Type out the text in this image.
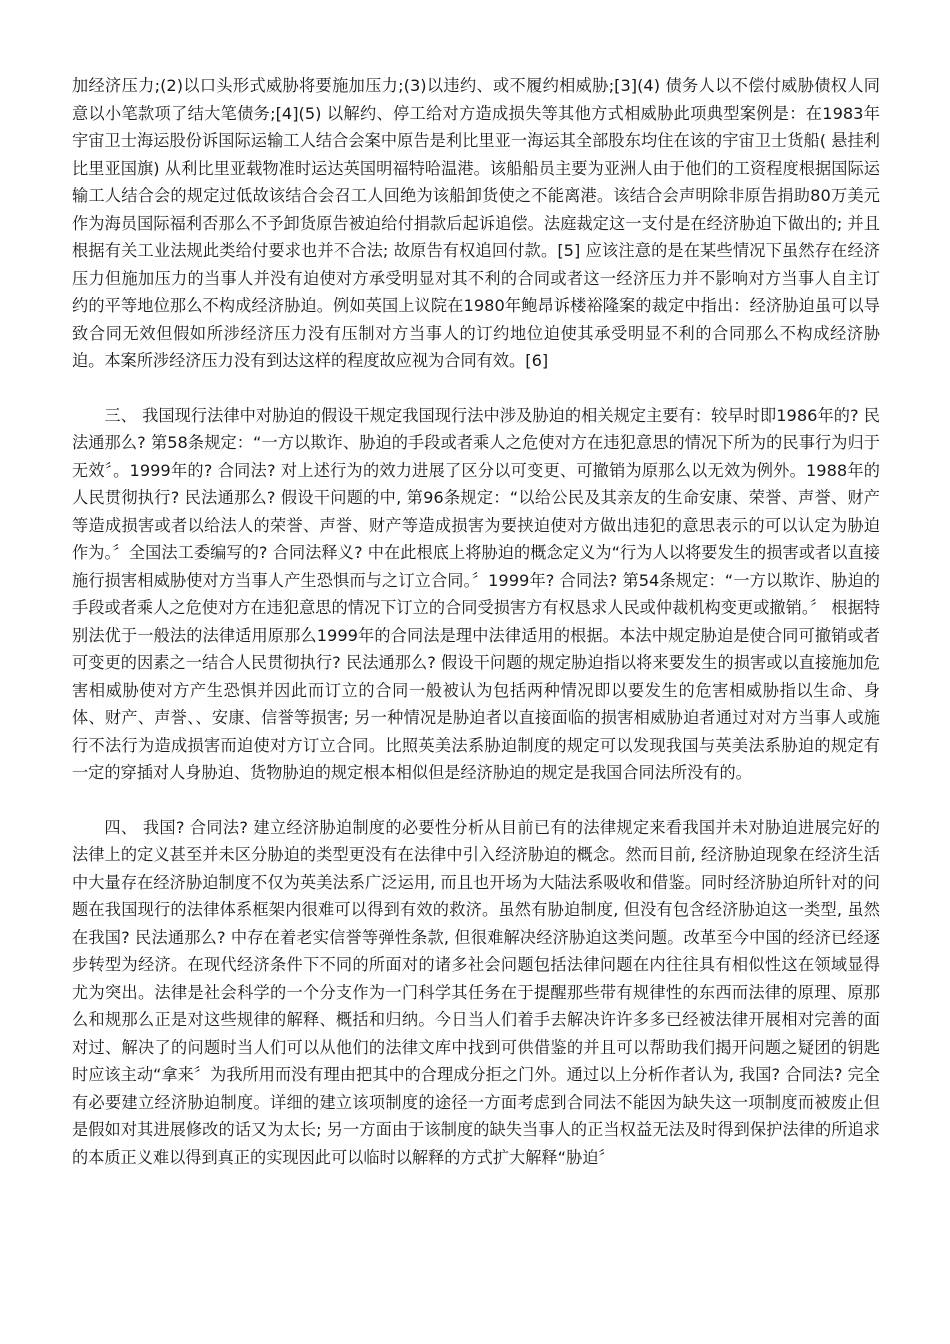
加经济压力;(2)以口头形式威胁将要施加压力;(3)以违约、或不履约相威胁;[3](4) 债务人以不偿付威胁债权人同意以小笔款项了结大笔债务;[4](5) 以解约、停工给对方造成损失等其他方式相威胁此项典型案例是：在1983年宇宙卫士海运股份诉国际运输工人结合会案中原告是利比里亚一海运其全部股东均住在该的宇宙卫士货船( 悬挂利比里亚国旗) 从利比里亚载物准时运达英国明福特哈温港。该船船员主要为亚洲人由于他们的工资程度根据国际运输工人结合会的规定过低故该结合会召工人回绝为该船卸货使之不能离港。该结合会声明除非原告捐助80万美元作为海员国际福利否那么不予卸货原告被迫给付捐款后起诉追偿。法庭裁定这一支付是在经济胁迫下做出的; 并且根据有关工业法规此类给付要求也并不合法; 故原告有权追回付款。[5] 应该注意的是在某些情况下虽然存在经济压力但施加压力的当事人并没有迫使对方承受明显对其不利的合同或者这一经济压力并不影响对方当事人自主订约的平等地位那么不构成经济胁迫。例如英国上议院在1980年鲍昂诉楼裕隆案的裁定中指出：经济胁迫虽可以导致合同无效但假如所涉经济压力没有压制对方当事人的订约地位迫使其承受明显不利的合同那么不构成经济胁迫。本案所涉经济压力没有到达这样的程度故应视为合同有效。[6]

三、 我国现行法律中对胁迫的假设干规定我国现行法中涉及胁迫的相关规定主要有：较早时即1986年的? 民法通那么? 第58条规定：“一方以欺诈、胁迫的手段或者乘人之危使对方在违犯意思的情况下所为的民事行为归于无效〞。1999年的? 合同法? 对上述行为的效力进展了区分以可变更、可撤销为原那么以无效为例外。1988年的人民贯彻执行? 民法通那么? 假设干问题的中, 第96条规定：“以给公民及其亲友的生命安康、荣誉、声誉、财产等造成损害或者以给法人的荣誉、声誉、财产等造成损害为要挟迫使对方做出违犯的意思表示的可以认定为胁迫作为。〞全国法工委编写的? 合同法释义? 中在此根底上将胁迫的概念定义为“行为人以将要发生的损害或者以直接施行损害相威胁使对方当事人产生恐惧而与之订立合同。〞1999年? 合同法? 第54条规定：“一方以欺诈、胁迫的手段或者乘人之危使对方在违犯意思的情况下订立的合同受损害方有权恳求人民或仲裁机构变更或撤销。〞 根据特别法优于一般法的法律适用原那么1999年的合同法是理中法律适用的根据。本法中规定胁迫是使合同可撤销或者可变更的因素之一结合人民贯彻执行? 民法通那么? 假设干问题的规定胁迫指以将来要发生的损害或以直接施加危害相威胁使对方产生恐惧并因此而订立的合同一般被认为包括两种情况即以要发生的危害相威胁指以生命、身体、财产、声誉、、安康、信誉等损害; 另一种情况是胁迫者以直接面临的损害相威胁迫者通过对对方当事人或施行不法行为造成损害而迫使对方订立合同。比照英美法系胁迫制度的规定可以发现我国与英美法系胁迫的规定有一定的穿插对人身胁迫、货物胁迫的规定根本相似但是经济胁迫的规定是我国合同法所没有的。

四、 我国? 合同法? 建立经济胁迫制度的必要性分析从目前已有的法律规定来看我国并未对胁迫进展完好的法律上的定义甚至并未区分胁迫的类型更没有在法律中引入经济胁迫的概念。然而目前, 经济胁迫现象在经济生活中大量存在经济胁迫制度不仅为英美法系广泛运用, 而且也开场为大陆法系吸收和借鉴。同时经济胁迫所针对的问题在我国现行的法律体系框架内很难可以得到有效的救济。虽然有胁迫制度, 但没有包含经济胁迫这一类型, 虽然在我国? 民法通那么? 中存在着老实信誉等弹性条款, 但很难解决经济胁迫这类问题。改革至今中国的经济已经逐步转型为经济。在现代经济条件下不同的所面对的诸多社会问题包括法律问题在内往往具有相似性这在领域显得尤为突出。法律是社会科学的一个分支作为一门科学其任务在于提醒那些带有规律性的东西而法律的原理、原那么和规那么正是对这些规律的解释、概括和归纳。今日当人们着手去解决许许多多已经被法律开展相对完善的面对过、解决了的问题时当人们可以从他们的法律文库中找到可供借鉴的并且可以帮助我们揭开问题之疑团的钥匙时应该主动“拿来〞为我所用而没有理由把其中的合理成分拒之门外。通过以上分析作者认为, 我国? 合同法? 完全有必要建立经济胁迫制度。详细的建立该项制度的途径一方面考虑到合同法不能因为缺失这一项制度而被废止但是假如对其进展修改的话又为太长; 另一方面由于该制度的缺失当事人的正当权益无法及时得到保护法律的所追求的本质正义难以得到真正的实现因此可以临时以解释的方式扩大解释“胁迫〞
